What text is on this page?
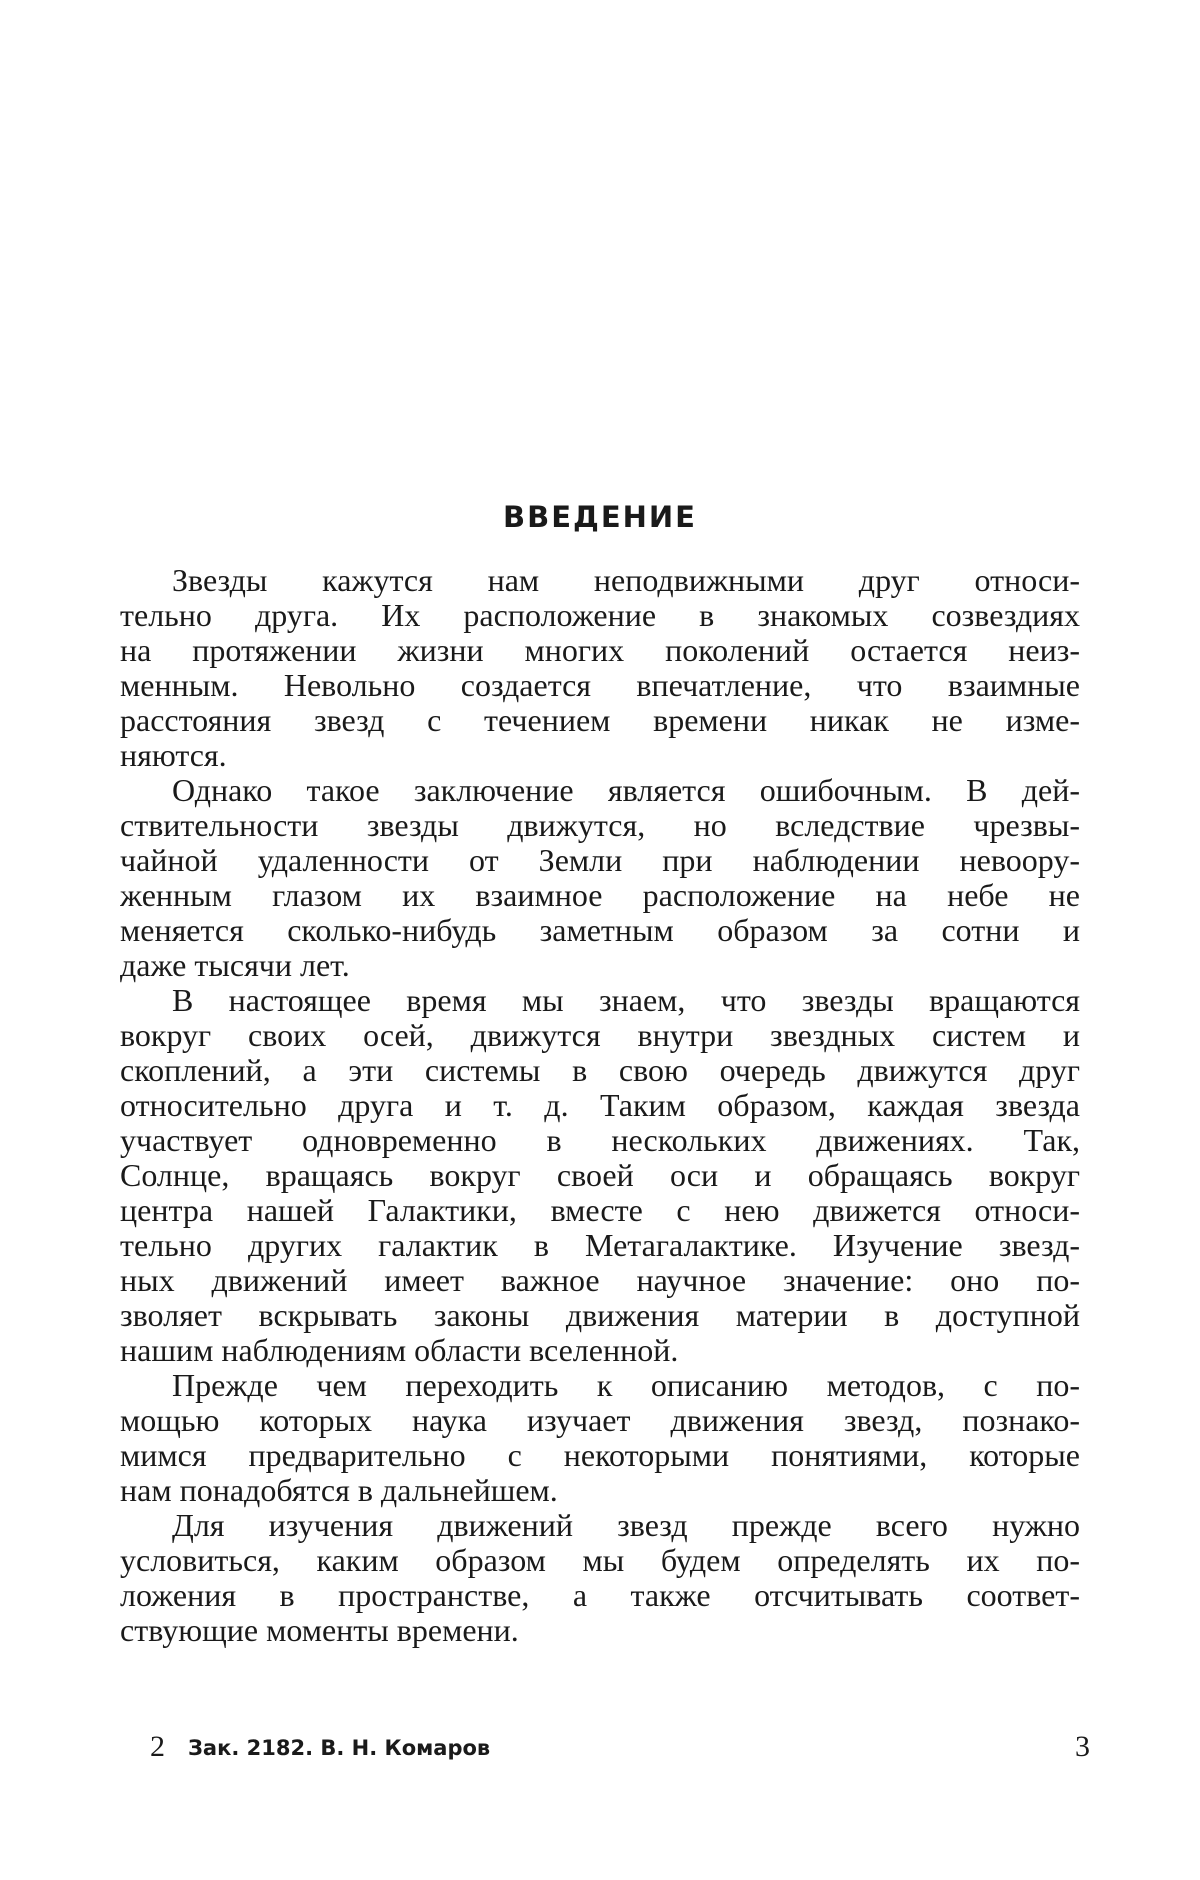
ВВЕДЕНИЕ
Звезды кажутся нам неподвижными друг относи-
тельно друга. Их расположение в знакомых созвездиях
на протяжении жизни многих поколений остается неиз-
менным. Невольно создается впечатление, что взаимные
расстояния звезд с течением времени никак не изме-
няются.
Однако такое заключение является ошибочным. В дей-
ствительности звезды движутся, но вследствие чрезвы-
чайной удаленности от Земли при наблюдении невоору-
женным глазом их взаимное расположение на небе не
меняется сколько-нибудь заметным образом за сотни и
даже тысячи лет.
В настоящее время мы знаем, что звезды вращаются
вокруг своих осей, движутся внутри звездных систем и
скоплений, а эти системы в свою очередь движутся друг
относительно друга и т. д. Таким образом, каждая звезда
участвует одновременно в нескольких движениях. Так,
Солнце, вращаясь вокруг своей оси и обращаясь вокруг
центра нашей Галактики, вместе с нею движется относи-
тельно других галактик в Метагалактике. Изучение звезд-
ных движений имеет важное научное значение: оно по-
зволяет вскрывать законы движения материи в доступной
нашим наблюдениям области вселенной.
Прежде чем переходить к описанию методов, с по-
мощью которых наука изучает движения звезд, познако-
мимся предварительно с некоторыми понятиями, которые
нам понадобятся в дальнейшем.
Для изучения движений звезд прежде всего нужно
условиться, каким образом мы будем определять их по-
ложения в пространстве, а также отсчитывать соответ-
ствующие моменты времени.
2 Зак. 2182. В. Н. Комаров	3
